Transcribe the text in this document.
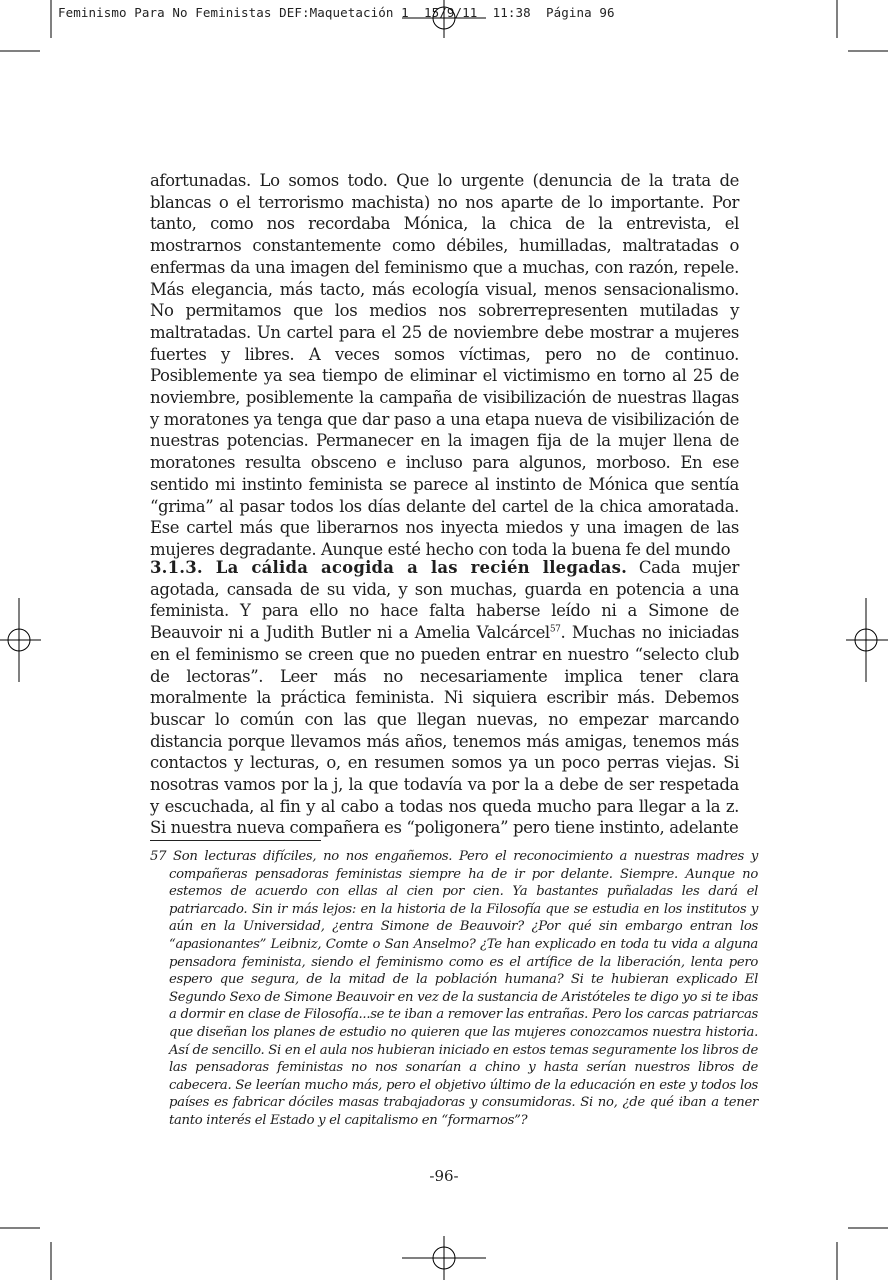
Feminismo Para No Feministas DEF:Maquetación 1  15/9/11  11:38  Página 96

afortunadas. Lo somos todo. Que lo urgente (denuncia de la trata de blancas o el terrorismo machista) no nos aparte de lo importante. Por tanto, como nos recordaba Mónica, la chica de la entrevista, el mostrarnos constantemente como débiles, humilladas, maltratadas o enfermas da una imagen del feminismo que a muchas, con razón, repele. Más elegancia, más tacto, más ecología visual, menos sensacionalismo. No permitamos que los medios nos sobrerrepresenten mutiladas y maltratadas. Un cartel para el 25 de noviembre debe mostrar a mujeres fuertes y libres. A veces somos víctimas, pero no de continuo. Posiblemente ya sea tiempo de eliminar el victimismo en torno al 25 de noviembre, posiblemente la campaña de visibilización de nuestras llagas y moratones ya tenga que dar paso a una etapa nueva de visibilización de nuestras potencias. Permanecer en la imagen fija de la mujer llena de moratones resulta obsceno e incluso para algunos, morboso. En ese sentido mi instinto feminista se parece al instinto de Mónica que sentía “grima” al pasar todos los días delante del cartel de la chica amoratada. Ese cartel más que liberarnos nos inyecta miedos y una imagen de las mujeres degradante. Aunque esté hecho con toda la buena fe del mundo

3.1.3. La cálida acogida a las recién llegadas. Cada mujer agotada, cansada de su vida, y son muchas, guarda en potencia a una feminista. Y para ello no hace falta haberse leído ni a Simone de Beauvoir ni a Judith Butler ni a Amelia Valcárcel$^{57}$. Muchas no iniciadas en el feminismo se creen que no pueden entrar en nuestro “selecto club de lectoras”. Leer más no necesariamente implica tener clara moralmente la práctica feminista. Ni siquiera escribir más. Debemos buscar lo común con las que llegan nuevas, no empezar marcando distancia porque llevamos más años, tenemos más amigas, tenemos más contactos y lecturas, o, en resumen somos ya un poco perras viejas. Si nosotras vamos por la j, la que todavía va por la a debe de ser respetada y escuchada, al fin y al cabo a todas nos queda mucho para llegar a la z. Si nuestra nueva compañera es “poligonera” pero tiene instinto, adelante

57 Son lecturas difíciles, no nos engañemos. Pero el reconocimiento a nuestras madres y compañeras pensadoras feministas siempre ha de ir por delante. Siempre. Aunque no estemos de acuerdo con ellas al cien por cien. Ya bastantes puñaladas les dará el patriarcado. Sin ir más lejos: en la historia de la Filosofía que se estudia en los institutos y aún en la Universidad, ¿entra Simone de Beauvoir? ¿Por qué sin embargo entran los “apasionantes” Leibniz, Comte o San Anselmo? ¿Te han explicado en toda tu vida a alguna pensadora feminista, siendo el feminismo como es el artífice de la liberación, lenta pero espero que segura, de la mitad de la población humana? Si te hubieran explicado El Segundo Sexo de Simone Beauvoir en vez de la sustancia de Aristóteles te digo yo si te ibas a dormir en clase de Filosofía...se te iban a remover las entrañas. Pero los carcas patriarcas que diseñan los planes de estudio no quieren que las mujeres conozcamos nuestra historia. Así de sencillo. Si en el aula nos hubieran iniciado en estos temas seguramente los libros de las pensadoras feministas no nos sonarían a chino y hasta serían nuestros libros de cabecera. Se leerían mucho más, pero el objetivo último de la educación en este y todos los países es fabricar dóciles masas trabajadoras y consumidoras. Si no, ¿de qué iban a tener tanto interés el Estado y el capitalismo en “formarnos”?

-96-
